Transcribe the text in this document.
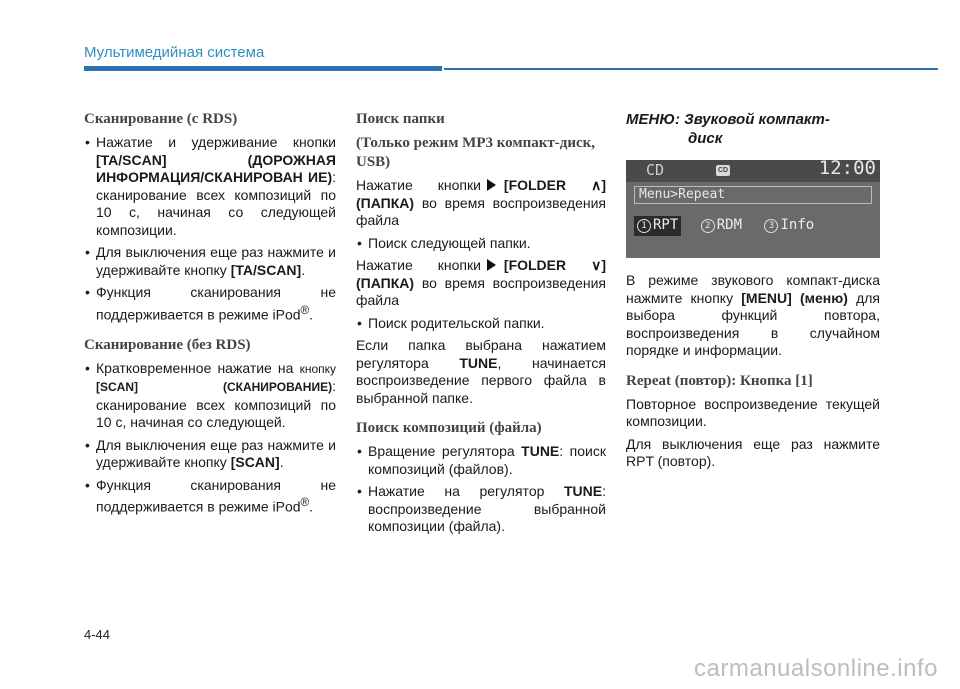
Мультимедийная система
Сканирование (с RDS)
• Нажатие и удерживание кнопки [TA/SCAN] (ДОРОЖНАЯ ИНФОРМАЦИЯ/СКАНИРОВАН ИЕ): сканирование всех композиций по 10 с, начиная со следующей композиции.
• Для выключения еще раз нажмите и удерживайте кнопку [TA/SCAN].
• Функция сканирования не поддерживается в режиме iPod®.
Сканирование (без RDS)
• Кратковременное нажатие на кнопку [SCAN] (СКАНИРОВАНИЕ): сканирование всех композиций по 10 с, начиная со следующей.
• Для выключения еще раз нажмите и удерживайте кнопку [SCAN].
• Функция сканирования не поддерживается в режиме iPod®.
Поиск папки
(Только режим MP3 компакт-диск, USB)

Нажатие кнопки [FOLDER ∧] (ПАПКА) во время воспроизведения файла

• Поиск следующей папки.

Нажатие кнопки [FOLDER ∨] (ПАПКА) во время воспроизведения файла

• Поиск родительской папки.

Если папка выбрана нажатием регулятора TUNE, начинается воспроизведение первого файла в выбранной папке.

Поиск композиций (файла)
• Вращение регулятора TUNE: поиск композиций (файлов).
• Нажатие на регулятор TUNE: воспроизведение выбранной композиции (файла).
МЕНЮ: Звуковой компакт-
диск
CD	CD	12:00
Menu>Repeat
1 RPT	2 RDM	3 Info

В режиме звукового компакт-диска нажмите кнопку [MENU] (меню) для выбора функций повтора, воспроизведения в случайном порядке и информации.

Repeat (повтор): Кнопка [1]

Повторное воспроизведение текущей композиции.

Для выключения еще раз нажмите RPT (повтор).

4-44
carmanualsonline.info
